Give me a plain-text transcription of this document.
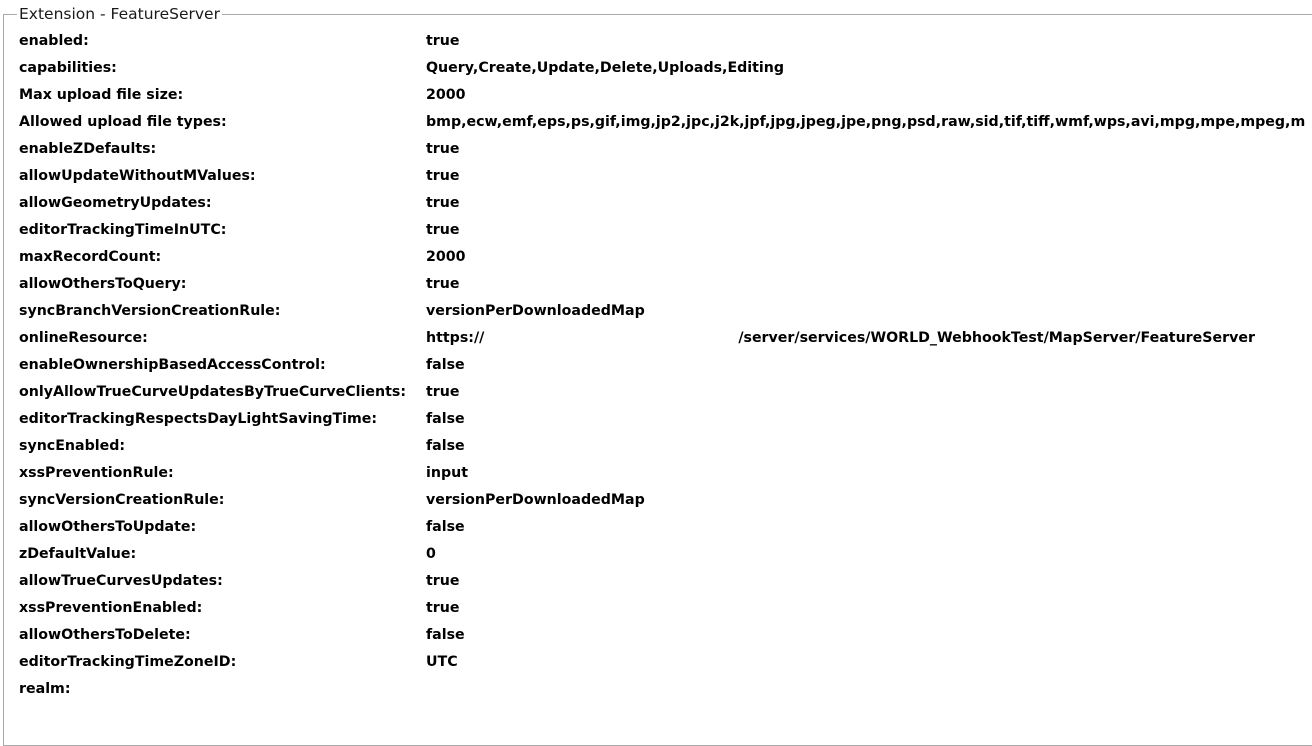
Extension - FeatureServer
enabled:	true
capabilities:	Query,Create,Update,Delete,Uploads,Editing
Max upload file size:	2000
Allowed upload file types:	bmp,ecw,emf,eps,ps,gif,img,jp2,jpc,j2k,jpf,jpg,jpeg,jpe,png,psd,raw,sid,tif,tiff,wmf,wps,avi,mpg,mpe,mpeg,m
enableZDefaults:	true
allowUpdateWithoutMValues:	true
allowGeometryUpdates:	true
editorTrackingTimeInUTC:	true
maxRecordCount:	2000
allowOthersToQuery:	true
syncBranchVersionCreationRule:	versionPerDownloadedMap
onlineResource:	https://	/server/services/WORLD_WebhookTest/MapServer/FeatureServer
enableOwnershipBasedAccessControl:	false
onlyAllowTrueCurveUpdatesByTrueCurveClients: true
editorTrackingRespectsDayLightSavingTime:	false
syncEnabled:	false
xssPreventionRule:	input
syncVersionCreationRule:	versionPerDownloadedMap
allowOthersToUpdate:	false
zDefaultValue:	0
allowTrueCurvesUpdates:	true
xssPreventionEnabled:	true
allowOthersToDelete:	false
editorTrackingTimeZoneID:	UTC
realm:
